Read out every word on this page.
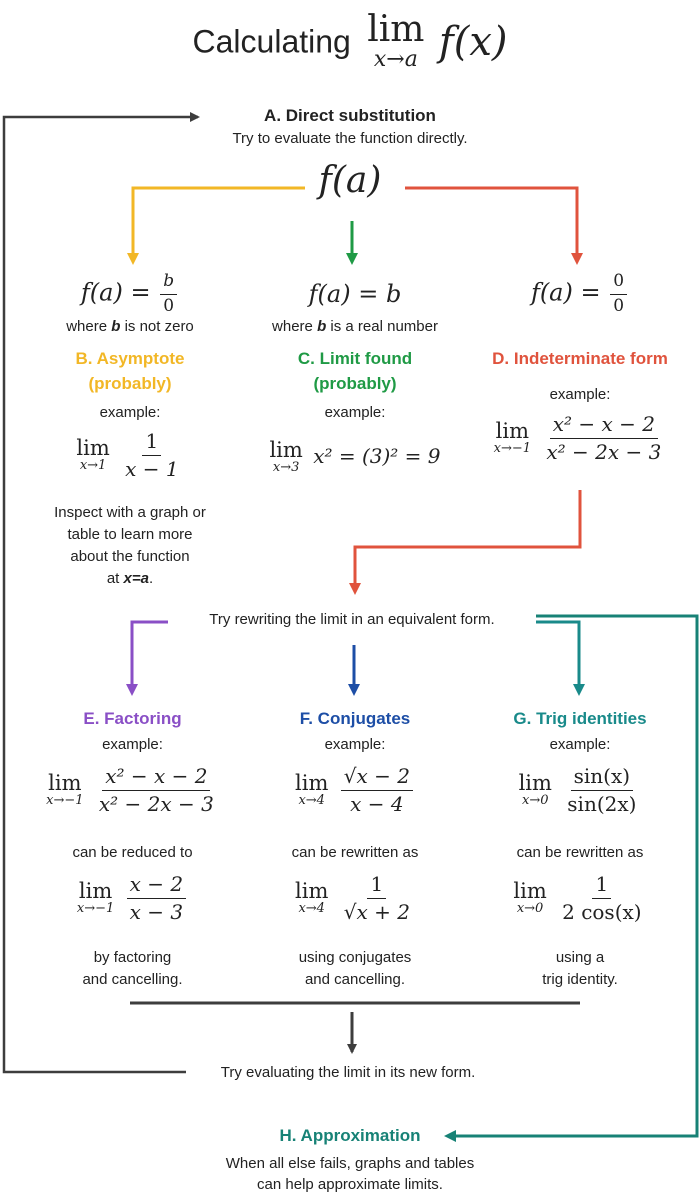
Calculating lim
x→a f(x)
A. Direct substitution
Try to evaluate the function directly.
f(a)
$f(a) = \frac{b}{0}$
where b is not zero
B. Asymptote
(probably)
example:
lim
x→1
$\frac{1}{x - 1}$
Inspect with a graph or
table to learn more
about the function
at x=a.
f(a) = b
where b is a real number
C. Limit found
(probably)
example:
lim
x→3 x² = (3)² = 9
$f(a) = \frac{0}{0}$
D. Indeterminate form
example:
lim
x→−1
$\frac{\text{x² − x − 2}}{\text{x² − 2x − 3}}$
Try rewriting the limit in an equivalent form.
E. Factoring
example:
lim
x→−1
$\frac{\text{x² − x − 2}}{\text{x² − 2x − 3}}$
can be reduced to
lim
x→−1
$\frac{x - 2}{x - 3}$
by factoring
and cancelling.
F. Conjugates
example:
lim
x→4
$\frac{√x - 2}{x - 4}$
can be rewritten as
lim
x→4
$\frac{1}{√x + 2}$
using conjugates
and cancelling.
G. Trig identities
example:
lim
x→0
$\frac{\sin(x)}{\sin(2x)}$
can be rewritten as
lim
x→0
$\frac{1}{2 \cos(x)}$
using a
trig identity.
Try evaluating the limit in its new form.
H. Approximation
When all else fails, graphs and tables
can help approximate limits.
